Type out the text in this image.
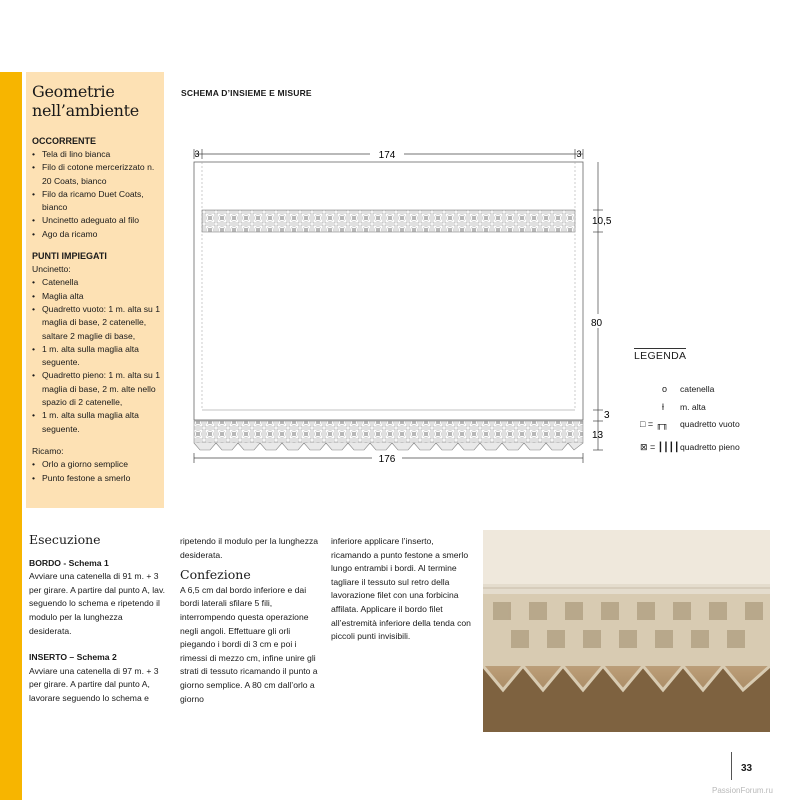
Geometrie
nell’ambiente
OCCORRENTE
• Tela di lino bianca
• Filo di cotone mercerizzato n. 20 Coats, bianco
• Filo da ricamo Duet Coats, bianco
• Uncinetto adeguato al filo
• Ago da ricamo
PUNTI IMPIEGATI
Uncinetto:
• Catenella
• Maglia alta
• Quadretto vuoto: 1 m. alta su 1 maglia di base, 2 catenelle, saltare 2 maglie di base,
• 1 m. alta sulla maglia alta seguente.
• Quadretto pieno: 1 m. alta su 1 maglia di base, 2 m. alte nello spazio di 2 catenelle,
• 1 m. alta sulla maglia alta seguente.
Ricamo:
• Orlo a giorno semplice
• Punto festone a smerlo
SCHEMA D’INSIEME E MISURE
3	174	3
176
10,5
80
3
13
LEGENDA
o	catenella
ƚ	m. alta
□ = ╓╖	quadretto vuoto
⊠ = ┃┃┃┃ quadretto pieno
Esecuzione
BORDO - Schema 1
Avviare una catenella di 91 m. + 3 per girare. A partire dal punto A, lav. seguendo lo schema e ripetendo il modulo per la lunghezza desiderata.
INSERTO – Schema 2
Avviare una catenella di 97 m. + 3 per girare. A partire dal punto A, lavorare seguendo lo schema e
ripetendo il modulo per la lunghezza desiderata.
Confezione
A 6,5 cm dal bordo inferiore e dai bordi laterali sfilare 5 fili, interrompendo questa operazione negli angoli. Effettuare gli orli piegando i bordi di 3 cm e poi i rimessi di mezzo cm, infine unire gli strati di tessuto ricamando il punto a giorno semplice. A 80 cm dall’orlo a giorno
inferiore applicare l’inserto, ricamando a punto festone a smerlo lungo entrambi i bordi. Al termine tagliare il tessuto sul retro della lavorazione filet con una forbicina affilata. Applicare il bordo filet all’estremità inferiore della tenda con piccoli punti invisibili.
33
PassionForum.ru
